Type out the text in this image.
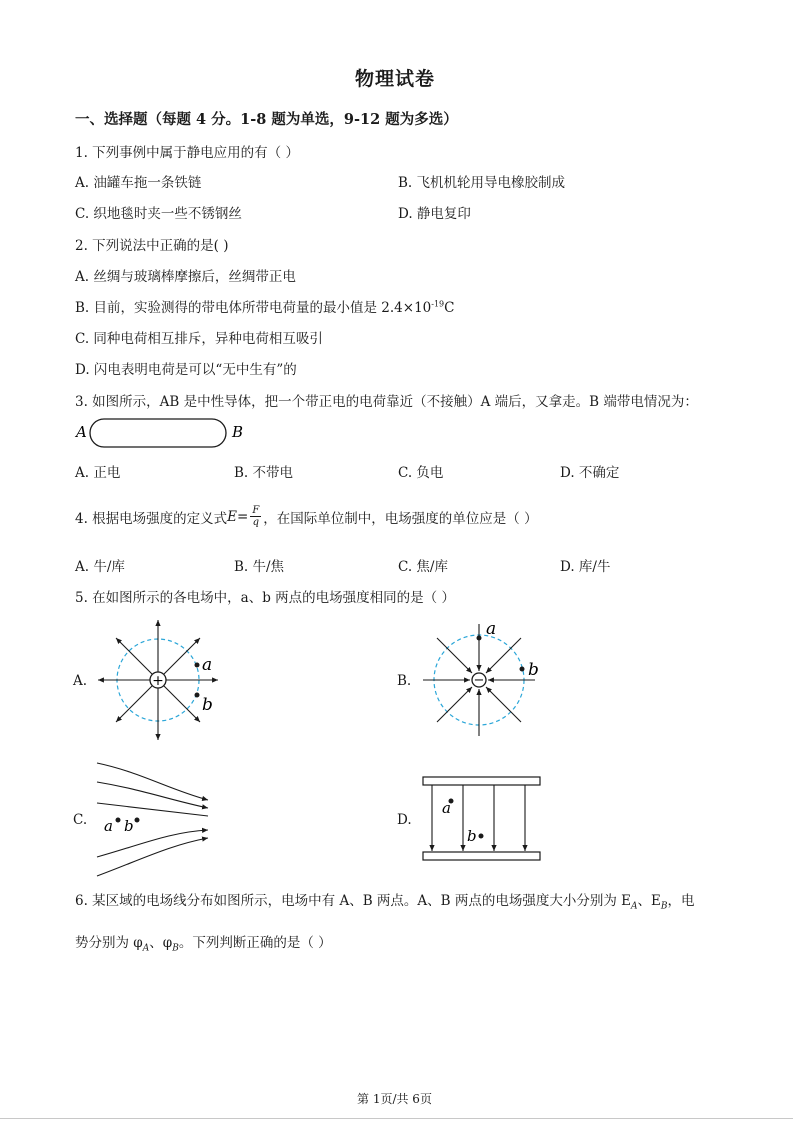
物理试卷
一、选择题（每题 4 分。1-8 题为单选，9-12 题为多选）
1. 下列事例中属于静电应用的有（ ）
A. 油罐车拖一条铁链	B. 飞机机轮用导电橡胶制成
C. 织地毯时夹一些不锈钢丝	D. 静电复印
2. 下列说法中正确的是( )
A. 丝绸与玻璃棒摩擦后，丝绸带正电
B. 目前，实验测得的带电体所带电荷量的最小值是 $2.4\times 10^{-19}C$
C. 同种电荷相互排斥，异种电荷相互吸引
D. 闪电表明电荷是可以“无中生有”的
3. 如图所示，AB 是中性导体，把一个带正电的电荷靠近（不接触）A 端后，又拿走。B 端带电情况为：
A	B
A. 正电	B. 不带电	C. 负电	D. 不确定
4. 根据电场强度的定义式 $E= \frac{F}{q}$ ，在国际单位制中，电场强度的单位应是（ ）
A. 牛/库	B. 牛/焦	C. 焦/库	D. 库/牛
5. 在如图所示的各电场中，a、b 两点的电场强度相同的是（ ）
A.	B.
C.	D.
+
a
b
−
a
b
a b
a
b
6. 某区域的电场线分布如图所示，电场中有 A、B 两点。A、B 两点的电场强度大小分别为 $E_A$、$E_B$，电
势分别为 $\varphi_A$、$\varphi_B$。下列判断正确的是（ ）
第 1页/共 6页
